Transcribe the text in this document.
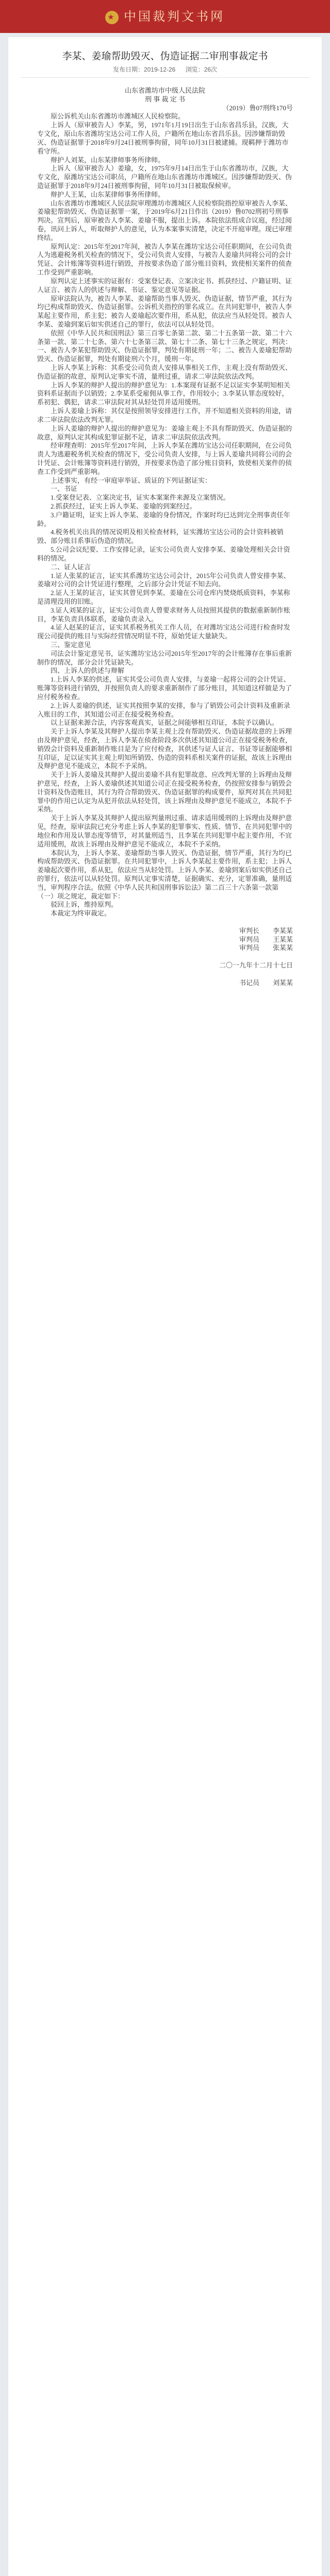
★ 中国裁判文书网
李某、姜瑜帮助毁灭、伪造证据二审刑事裁定书
发布日期：2019-12-26 浏览：26次

山东省潍坊市中级人民法院

刑 事 裁 定 书

（2019）鲁07刑终170号

原公诉机关山东省潍坊市潍城区人民检察院。

上诉人（原审被告人）李某，男，1971年1月19日出生于山东省昌乐县，汉族，大专文化，原山东省潍坊宝达公司工作人员，户籍所在地山东省昌乐县。因涉嫌帮助毁灭、伪造证据罪于2018年9月24日被刑事拘留，同年10月31日被逮捕。现羁押于潍坊市看守所。

辩护人刘某，山东某律师事务所律师。

上诉人（原审被告人）姜瑜，女，1975年9月14日出生于山东省潍坊市，汉族，大专文化，原潍坊宝达公司职员，户籍所在地山东省潍坊市潍城区。因涉嫌帮助毁灭、伪造证据罪于2018年9月24日被刑事拘留，同年10月31日被取保候审。

辩护人王某，山东某律师事务所律师。

山东省潍坊市潍城区人民法院审理潍坊市潍城区人民检察院指控原审被告人李某、姜瑜犯帮助毁灭、伪造证据罪一案，于2019年6月21日作出（2019）鲁0702刑初号刑事判决。宣判后，原审被告人李某、姜瑜不服，提出上诉。本院依法组成合议庭，经过阅卷，讯问上诉人，听取辩护人的意见，认为本案事实清楚，决定不开庭审理。现已审理终结。

原判认定：2015年至2017年间，被告人李某在潍坊宝达公司任职期间，在公司负责人为逃避税务机关检查的情况下，受公司负责人安排，与被告人姜瑜共同将公司的会计凭证、会计账簿等资料进行销毁，并按要求伪造了部分账目资料，致使相关案件的侦查工作受到严重影响。

原判认定上述事实的证据有：受案登记表、立案决定书、抓获经过、户籍证明、证人证言、被告人的供述与辩解、书证、鉴定意见等证据。

原审法院认为，被告人李某、姜瑜帮助当事人毁灭、伪造证据，情节严重，其行为均已构成帮助毁灭、伪造证据罪。公诉机关指控的罪名成立。在共同犯罪中，被告人李某起主要作用，系主犯；被告人姜瑜起次要作用，系从犯，依法应当从轻处罚。被告人李某、姜瑜到案后如实供述自己的罪行，依法可以从轻处罚。

依照《中华人民共和国刑法》第三百零七条第二款、第二十五条第一款、第二十六条第一款、第二十七条、第六十七条第三款、第七十二条、第七十三条之规定，判决：一、被告人李某犯帮助毁灭、伪造证据罪，判处有期徒刑一年；二、被告人姜瑜犯帮助毁灭、伪造证据罪，判处有期徒刑六个月，缓刑一年。

上诉人李某上诉称：其系受公司负责人安排从事相关工作，主观上没有帮助毁灭、伪造证据的故意，原判认定事实不清，量刑过重，请求二审法院依法改判。

上诉人李某的辩护人提出的辩护意见为：1.本案现有证据不足以证实李某明知相关资料系证据而予以销毁；2.李某系受雇佣从事工作，作用较小；3.李某认罪态度较好，系初犯、偶犯，请求二审法院对其从轻处罚并适用缓刑。

上诉人姜瑜上诉称：其仅是按照领导安排进行工作，并不知道相关资料的用途，请求二审法院依法改判无罪。

上诉人姜瑜的辩护人提出的辩护意见为：姜瑜主观上不具有帮助毁灭、伪造证据的故意，原判认定其构成犯罪证据不足，请求二审法院依法改判。

经审理查明：2015年至2017年间，上诉人李某在潍坊宝达公司任职期间，在公司负责人为逃避税务机关检查的情况下，受公司负责人安排，与上诉人姜瑜共同将公司的会计凭证、会计账簿等资料进行销毁，并按要求伪造了部分账目资料，致使相关案件的侦查工作受到严重影响。

上述事实，有经一审庭审举证、质证的下列证据证实：

一、书证

1.受案登记表、立案决定书，证实本案案件来源及立案情况。

2.抓获经过，证实上诉人李某、姜瑜的到案经过。

3.户籍证明，证实上诉人李某、姜瑜的身份情况，作案时均已达到完全刑事责任年龄。

4.税务机关出具的情况说明及相关检查材料，证实潍坊宝达公司的会计资料被销毁、部分账目系事后伪造的情况。

5.公司会议纪要、工作安排记录，证实公司负责人安排李某、姜瑜处理相关会计资料的情况。

二、证人证言

1.证人张某的证言，证实其系潍坊宝达公司会计，2015年公司负责人曾安排李某、姜瑜对公司的会计凭证进行整理，之后部分会计凭证不知去向。

2.证人王某的证言，证实其曾见到李某、姜瑜在公司仓库内焚烧纸质资料，李某称是清理没用的旧账。

3.证人刘某的证言，证实公司负责人曾要求财务人员按照其提供的数据重新制作账目，李某负责具体联系，姜瑜负责录入。

4.证人赵某的证言，证实其系税务机关工作人员，在对潍坊宝达公司进行检查时发现公司提供的账目与实际经营情况明显不符，原始凭证大量缺失。

三、鉴定意见

司法会计鉴定意见书，证实潍坊宝达公司2015年至2017年的会计账簿存在事后重新制作的情况，部分会计凭证缺失。

四、上诉人的供述与辩解

1.上诉人李某的供述，证实其受公司负责人安排，与姜瑜一起将公司的会计凭证、账簿等资料进行销毁，并按照负责人的要求重新制作了部分账目，其知道这样做是为了应付税务检查。

2.上诉人姜瑜的供述，证实其按照李某的安排，参与了销毁公司会计资料及重新录入账目的工作，其知道公司正在接受税务检查。

以上证据来源合法，内容客观真实，证据之间能够相互印证，本院予以确认。

关于上诉人李某及其辩护人提出李某主观上没有帮助毁灭、伪造证据故意的上诉理由及辩护意见，经查，上诉人李某在侦查阶段多次供述其知道公司正在接受税务检查，销毁会计资料及重新制作账目是为了应付检查，其供述与证人证言、书证等证据能够相互印证，足以证实其主观上明知所销毁、伪造的资料系相关案件的证据，故该上诉理由及辩护意见不能成立，本院不予采纳。

关于上诉人姜瑜及其辩护人提出姜瑜不具有犯罪故意、应改判无罪的上诉理由及辩护意见，经查，上诉人姜瑜供述其知道公司正在接受税务检查，仍按照安排参与销毁会计资料及伪造账目，其行为符合帮助毁灭、伪造证据罪的构成要件，原判对其在共同犯罪中的作用已认定为从犯并依法从轻处罚，该上诉理由及辩护意见不能成立，本院不予采纳。

关于上诉人李某及其辩护人提出原判量刑过重、请求适用缓刑的上诉理由及辩护意见，经查，原审法院已充分考虑上诉人李某的犯罪事实、性质、情节、在共同犯罪中的地位和作用及认罪态度等情节，对其量刑适当，且李某在共同犯罪中起主要作用，不宜适用缓刑，故该上诉理由及辩护意见不能成立，本院不予采纳。

本院认为，上诉人李某、姜瑜帮助当事人毁灭、伪造证据，情节严重，其行为均已构成帮助毁灭、伪造证据罪。在共同犯罪中，上诉人李某起主要作用，系主犯；上诉人姜瑜起次要作用，系从犯，依法应当从轻处罚。上诉人李某、姜瑜到案后如实供述自己的罪行，依法可以从轻处罚。原判认定事实清楚，证据确实、充分，定罪准确，量刑适当，审判程序合法。依照《中华人民共和国刑事诉讼法》第二百三十六条第一款第（一）项之规定，裁定如下：

驳回上诉，维持原判。

本裁定为终审裁定。

审判长　　李某某

审判员　　王某某

审判员　　张某某

二〇一九年十二月十七日

书记员　　刘某某
